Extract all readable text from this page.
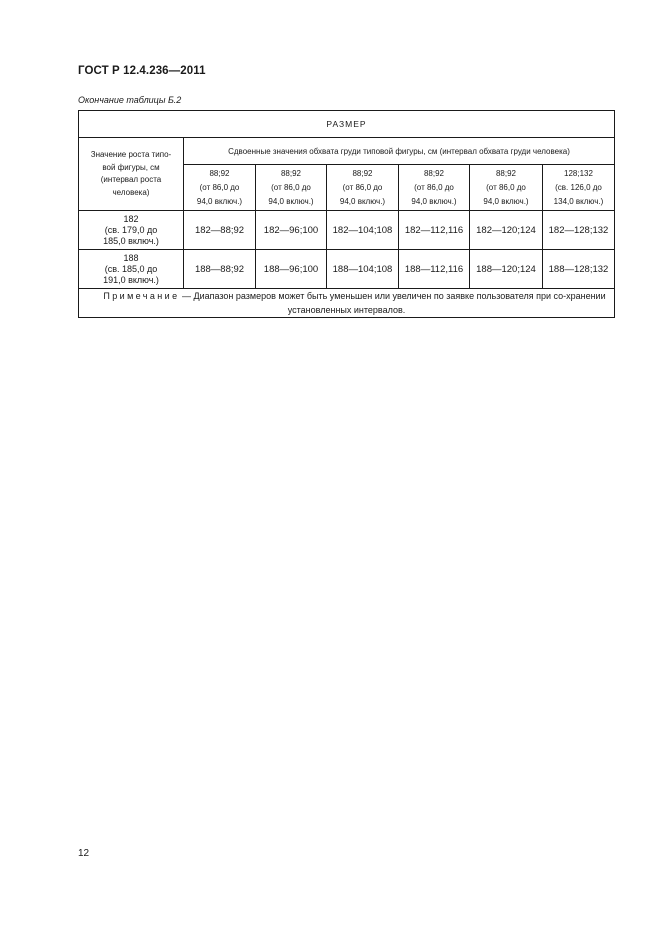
ГОСТ Р 12.4.236—2011
Окончание таблицы Б.2
РАЗМЕР						
Значение роста типо-
вой фигуры, см
(интервал роста
человека)	Сдвоенные значения обхвата груди типовой фигуры, см (интервал обхвата груди человека)					
	88;92
(от 86,0 до
94,0 включ.)	88;92
(от 86,0 до
94,0 включ.)	88;92
(от 86,0 до
94,0 включ.)	88;92
(от 86,0 до
94,0 включ.)	88;92
(от 86,0 до
94,0 включ.)	128;132
(св. 126,0 до
134,0 включ.)
182
(св. 179,0 до
185,0 включ.)	182—88;92	182—96;100	182—104;108	182—112,116	182—120;124	182—128;132
188
(св. 185,0 до
191,0 включ.)	188—88;92	188—96;100	188—104;108	188—112,116	188—120;124	188—128;132
Примечание — Диапазон размеров может быть уменьшен или увеличен по заявке пользователя при со-хранении установленных интервалов.						
12
